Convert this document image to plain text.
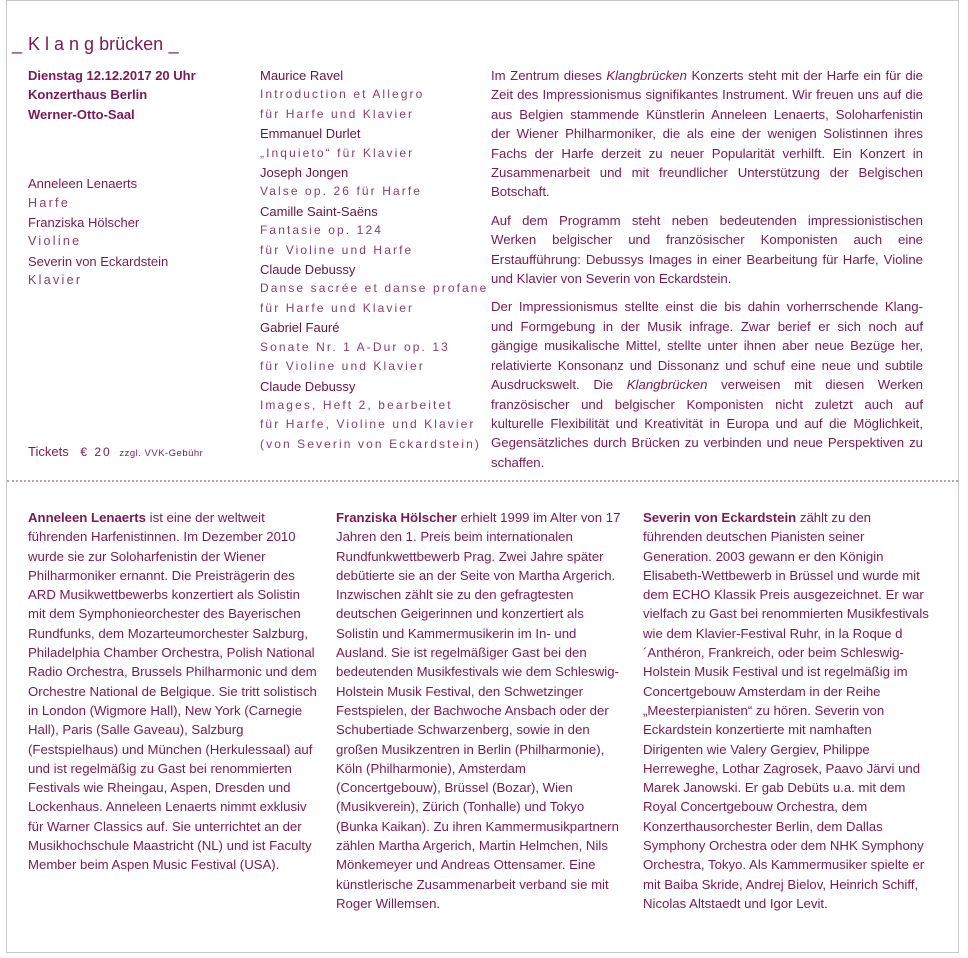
_ Klangbrücken _
Dienstag 12.12.2017 20 Uhr
Konzerthaus Berlin
Werner-Otto-Saal
Anneleen Lenaerts
Harfe
Franziska Hölscher
Violine
Severin von Eckardstein
Klavier
Tickets € 20 zzgl. VVK-Gebühr
Maurice Ravel
Introduction et Allegro
für Harfe und Klavier
Emmanuel Durlet
„Inquieto“ für Klavier
Joseph Jongen
Valse op. 26 für Harfe
Camille Saint-Saëns
Fantasie op. 124
für Violine und Harfe
Claude Debussy
Danse sacrée et danse profane
für Harfe und Klavier
Gabriel Fauré
Sonate Nr. 1 A-Dur op. 13
für Violine und Klavier
Claude Debussy
Images, Heft 2, bearbeitet
für Harfe, Violine und Klavier
(von Severin von Eckardstein)

Im Zentrum dieses Klangbrücken Konzerts steht mit der Harfe ein für die Zeit des Impressionismus signifikantes Instrument. Wir freuen uns auf die aus Belgien stammende Künstlerin Anneleen Lenaerts, Soloharfenistin der Wiener Philharmoniker, die als eine der wenigen Solistinnen ihres Fachs der Harfe derzeit zu neuer Popularität verhilft. Ein Konzert in Zusammenarbeit und mit freundlicher Unterstützung der Belgischen Botschaft.

Auf dem Programm steht neben bedeutenden impressionistischen Werken belgischer und französischer Komponisten auch eine Erstaufführung: Debussys Images in einer Bearbeitung für Harfe, Violine und Klavier von Severin von Eckardstein.

Der Impressionismus stellte einst die bis dahin vorherrschende Klang- und Formgebung in der Musik infrage. Zwar berief er sich noch auf gängige musikalische Mittel, stellte unter ihnen aber neue Bezüge her, relativierte Konsonanz und Dissonanz und schuf eine neue und subtile Ausdruckswelt. Die Klangbrücken verweisen mit diesen Werken französischer und belgischer Komponisten nicht zuletzt auch auf kulturelle Flexibilität und Kreativität in Europa und auf die Möglichkeit, Gegensätzliches durch Brücken zu verbinden und neue Perspektiven zu schaffen.

Anneleen Lenaerts ist eine der weltweit führenden Harfenistinnen. Im Dezember 2010 wurde sie zur Soloharfenistin der Wiener Philharmoniker ernannt. Die Preisträgerin des ARD Musikwettbewerbs konzertiert als Solistin mit dem Symphonieorchester des Bayerischen Rundfunks, dem Mozarteumorchester Salzburg, Philadelphia Chamber Orchestra, Polish National Radio Orchestra, Brussels Philharmonic und dem Orchestre National de Belgique. Sie tritt solistisch in London (Wigmore Hall), New York (Carnegie Hall), Paris (Salle Gaveau), Salzburg (Festspielhaus) und München (Herkulessaal) auf und ist regelmäßig zu Gast bei renommierten Festivals wie Rheingau, Aspen, Dresden und Lockenhaus. Anneleen Lenaerts nimmt exklusiv für Warner Classics auf. Sie unterrichtet an der Musikhochschule Maastricht (NL) und ist Faculty Member beim Aspen Music Festival (USA).
Franziska Hölscher erhielt 1999 im Alter von 17 Jahren den 1. Preis beim internationalen Rundfunkwettbewerb Prag. Zwei Jahre später debütierte sie an der Seite von Martha Argerich. Inzwischen zählt sie zu den gefragtesten deutschen Geigerinnen und konzertiert als Solistin und Kammermusikerin im In- und Ausland. Sie ist regelmäßiger Gast bei den bedeutenden Musikfestivals wie dem Schleswig-Holstein Musik Festival, den Schwetzinger Festspielen, der Bachwoche Ansbach oder der Schubertiade Schwarzenberg, sowie in den großen Musikzentren in Berlin (Philharmonie), Köln (Philharmonie), Amsterdam (Concertgebouw), Brüssel (Bozar), Wien (Musikverein), Zürich (Tonhalle) und Tokyo (Bunka Kaikan). Zu ihren Kammermusikpartnern zählen Martha Argerich, Martin Helmchen, Nils Mönkemeyer und Andreas Ottensamer. Eine künstlerische Zusammenarbeit verband sie mit Roger Willemsen.
Severin von Eckardstein zählt zu den führenden deutschen Pianisten seiner Generation. 2003 gewann er den Königin Elisabeth-Wettbewerb in Brüssel und wurde mit dem ECHO Klassik Preis ausgezeichnet. Er war vielfach zu Gast bei renommierten Musikfestivals wie dem Klavier-Festival Ruhr, in la Roque d´Anthéron, Frankreich, oder beim Schleswig-Holstein Musik Festival und ist regelmäßig im Concertgebouw Amsterdam in der Reihe „Meesterpianisten“ zu hören. Severin von Eckardstein konzertierte mit namhaften Dirigenten wie Valery Gergiev, Philippe Herreweghe, Lothar Zagrosek, Paavo Järvi und Marek Janowski. Er gab Debüts u.a. mit dem Royal Concertgebouw Orchestra, dem Konzerthausorchester Berlin, dem Dallas Symphony Orchestra oder dem NHK Symphony Orchestra, Tokyo. Als Kammermusiker spielte er mit Baiba Skride, Andrej Bielov, Heinrich Schiff, Nicolas Altstaedt und Igor Levit.
